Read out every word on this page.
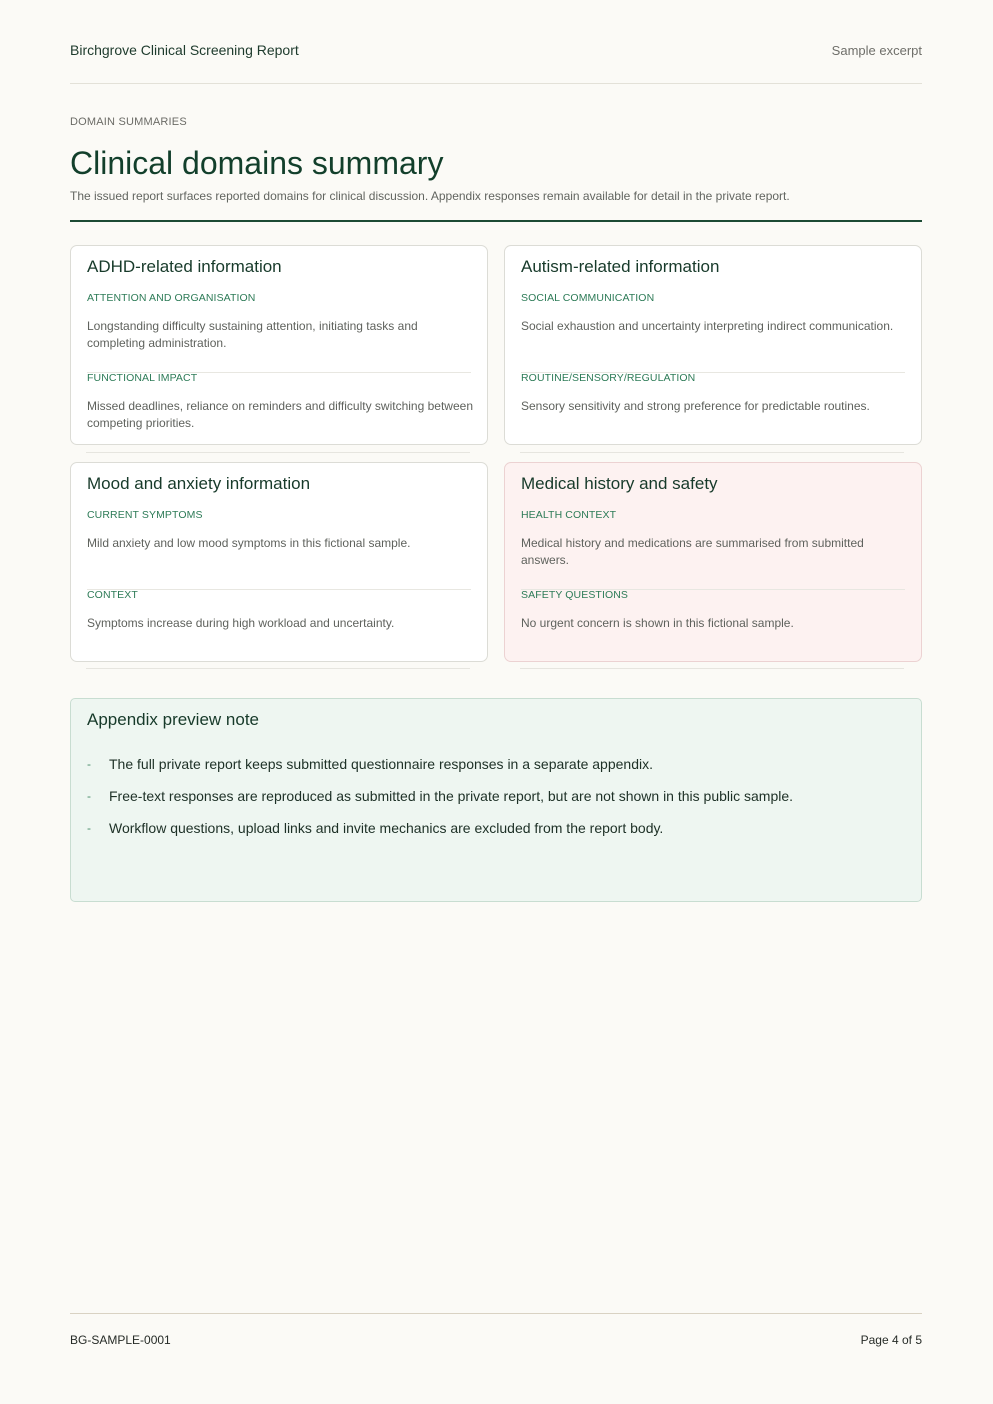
Birchgrove Clinical Screening Report	Sample excerpt
DOMAIN SUMMARIES
Clinical domains summary
The issued report surfaces reported domains for clinical discussion. Appendix responses remain available for detail in the private report.
ADHD-related information
ATTENTION AND ORGANISATION
Longstanding difficulty sustaining attention, initiating tasks and completing administration.
FUNCTIONAL IMPACT
Missed deadlines, reliance on reminders and difficulty switching between competing priorities.
Autism-related information
SOCIAL COMMUNICATION
Social exhaustion and uncertainty interpreting indirect communication.
ROUTINE/SENSORY/REGULATION
Sensory sensitivity and strong preference for predictable routines.
Mood and anxiety information
CURRENT SYMPTOMS
Mild anxiety and low mood symptoms in this fictional sample.
CONTEXT
Symptoms increase during high workload and uncertainty.
Medical history and safety
HEALTH CONTEXT
Medical history and medications are summarised from submitted answers.
SAFETY QUESTIONS
No urgent concern is shown in this fictional sample.
Appendix preview note
- The full private report keeps submitted questionnaire responses in a separate appendix.
- Free-text responses are reproduced as submitted in the private report, but are not shown in this public sample.
- Workflow questions, upload links and invite mechanics are excluded from the report body.
BG-SAMPLE-0001	Page 4 of 5
